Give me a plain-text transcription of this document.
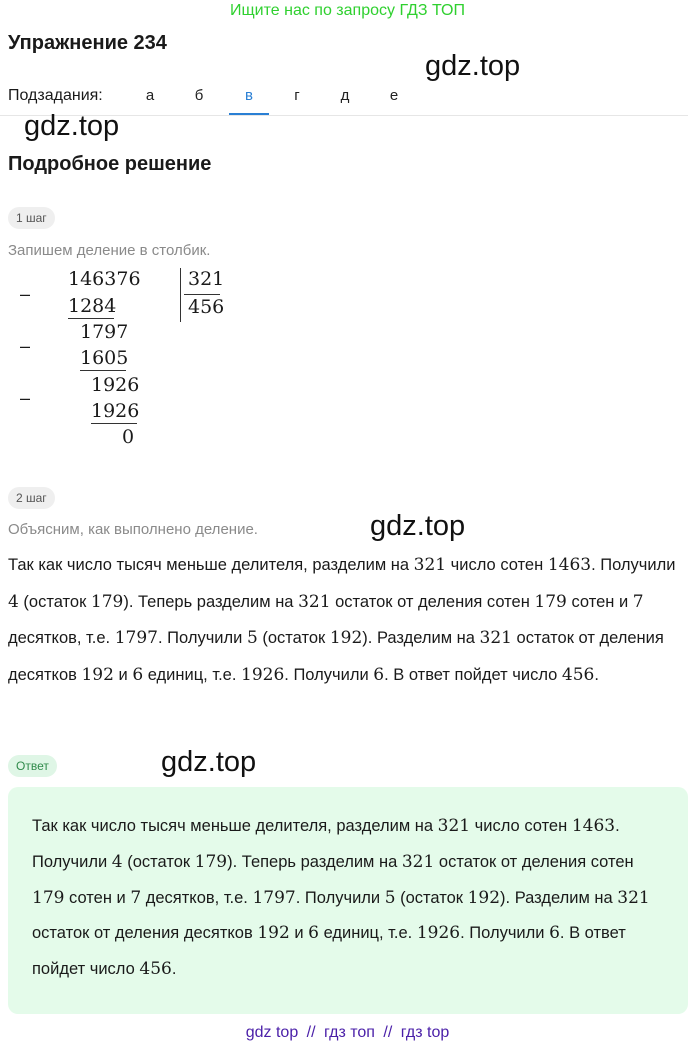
Ищите нас по запросу ГДЗ ТОП
Упражнение 234
gdz.top
Подзадания:	а	б	в	г	д	е
gdz.top
Подробное решение
1 шаг
Запишем деление в столбик.
146376 321
456
–
1284
1797
–
1605
1926
–
1926
0
2 шаг
Объясним, как выполнено деление.	gdz.top
Так как число тысяч меньше делителя, разделим на 321 число сотен 1463. Получили 4 (остаток 179). Теперь разделим на 321 остаток от деления сотен 179 сотен и 7 десятков, т.е. 1797. Получили 5 (остаток 192). Разделим на 321 остаток от деления десятков 192 и 6 единиц, т.е. 1926. Получили 6. В ответ пойдет число 456.
Ответ	gdz.top
Так как число тысяч меньше делителя, разделим на 321 число сотен 1463. Получили 4 (остаток 179). Теперь разделим на 321 остаток от деления сотен 179 сотен и 7 десятков, т.е. 1797. Получили 5 (остаток 192). Разделим на 321 остаток от деления десятков 192 и 6 единиц, т.е. 1926. Получили 6. В ответ пойдет число 456.
gdz top // гдз топ // гдз top
